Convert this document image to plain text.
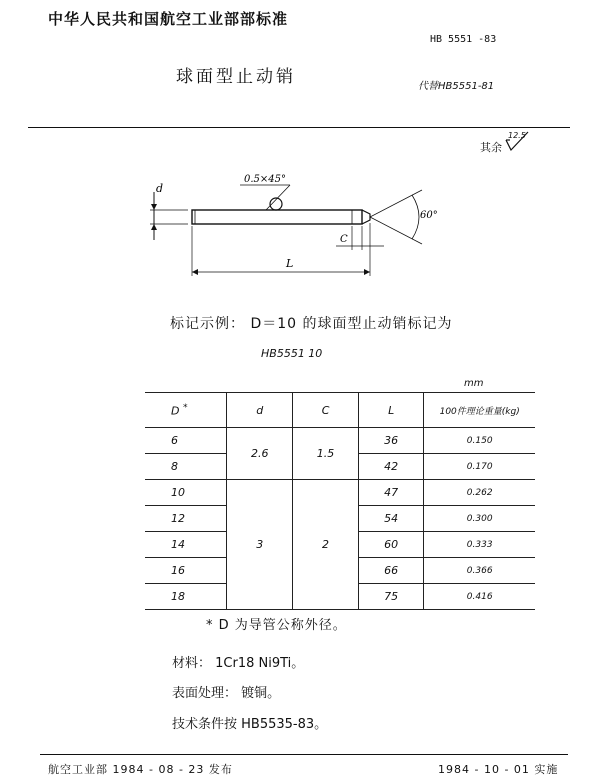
中华人民共和国航空工业部部标准
HB 5551 -83
球面型止动销	代替HB5551-81
其余
12.5
d
0.5×45°
60°
C
L
标记示例： D＝10 的球面型止动销标记为
HB5551 10
mm
D *	d	C	L	100件理论重量(kg)
6	2.6	1.5	36	0.150
8			42	0.170
10	3	2	47	0.262
12			54	0.300
14			60	0.333
16			66	0.366
18			75	0.416
* D 为导管公称外径。
材料： 1Cr18 Ni9Ti。
表面处理： 镀铜。
技术条件按 HB5535-83。
航空工业部 1984 - 08 - 23 发布	1984 - 10 - 01 实施
